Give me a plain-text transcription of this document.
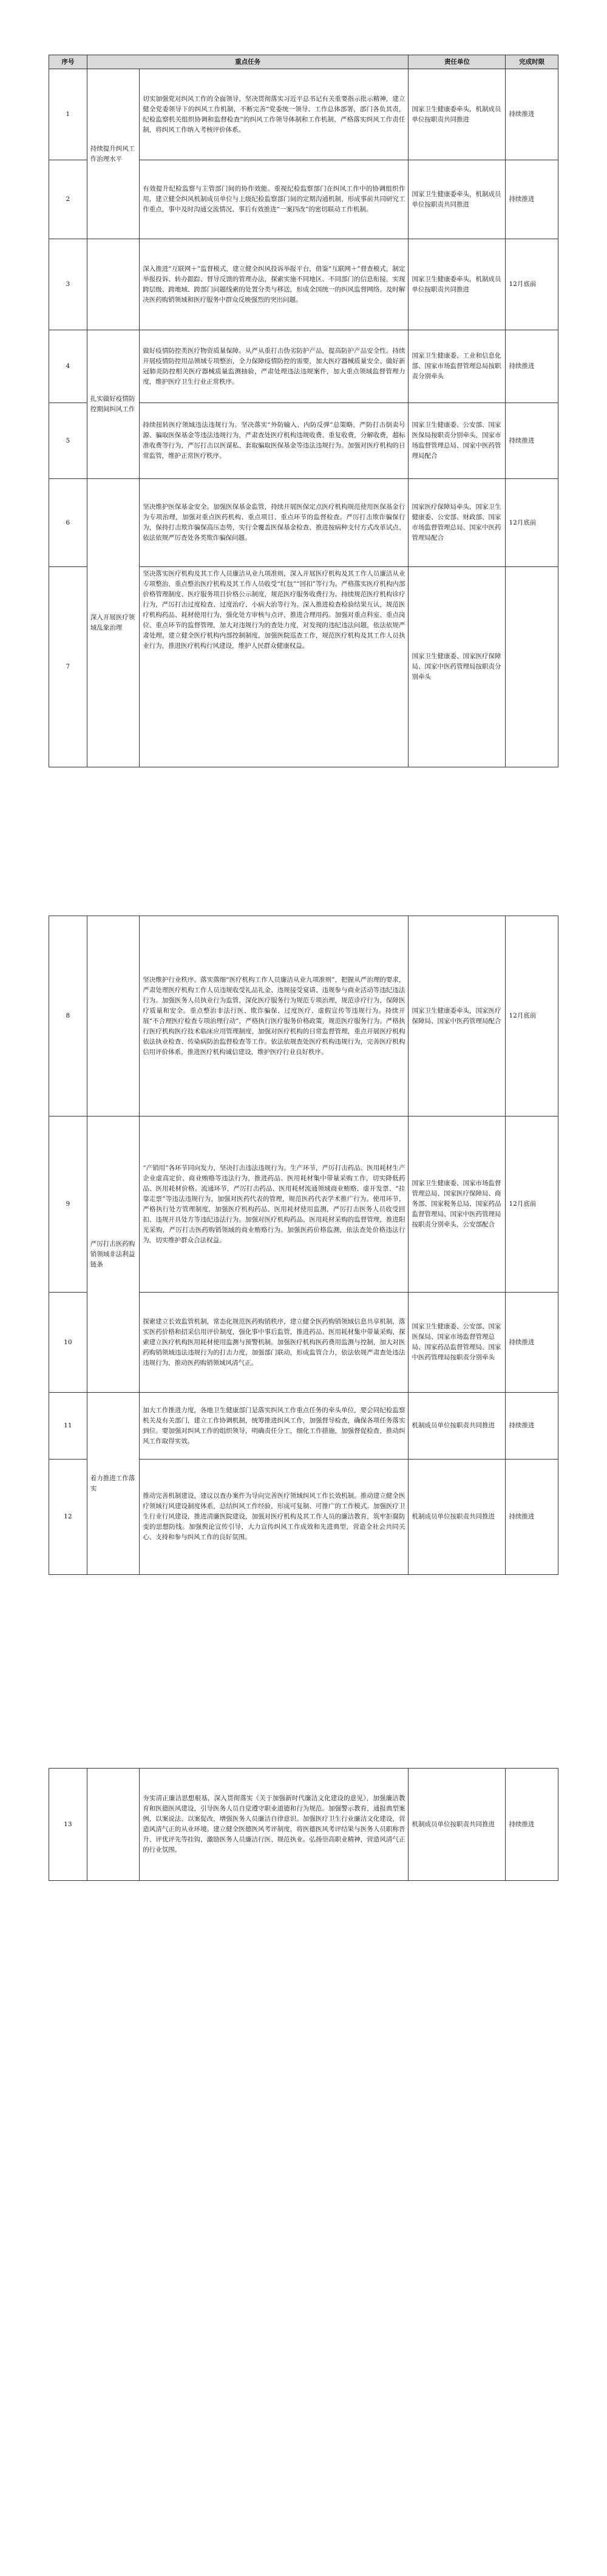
序号	重点任务		责任单位	完成时限
1	持续提升纠风工作治理水平	切实加强党对纠风工作的全面领导，坚决贯彻落实习近平总书记有关重要指示批示精神，建立健全党委领导下的纠风工作机制，不断完善“党委统一领导、工作总体部署，部门各负其责，纪检监察机关组织协调和监督检查”的纠风工作领导体制和工作机制，严格落实纠风工作责任制，将纠风工作纳入考核评价体系。	国家卫生健康委牵头，机制成员单位按职责共同推进	持续推进
2		有效提升纪检监察与主管部门间的协作效能。重视纪检监察部门在纠风工作中的协调组织作用，建立健全纠风机制成员单位与上级纪检监察部门间的定期沟通机制，形成事前共同研究工作重点，事中及时沟通交流情况、事后有效推进“一案四改”的密切联动工作机制。	国家卫生健康委牵头，机制成员单位按职责共同推进	持续推进
3		深入推进“互联网＋”监督模式，建立健全纠风投诉举报平台，借鉴“互联网＋”督查模式，制定举报投诉、转办跟踪、督导反馈的管理办法，探索实施不同地区、不同部门的信息衔接，实现跨层级、跨地域、跨部门问题线索的处置分类与移送，形成全国统一的纠风监督网络。及时解决医药购销领域和医疗服务中群众反映强烈的突出问题。	国家卫生健康委牵头，机制成员单位按职责共同推进	12月底前
4	扎实做好疫情防控期间纠风工作	做好疫情防控类医疗物资质量保障。从严从重打击伪劣防护产品，提高防护产品安全性。持续开展疫情防控用品领域专项整治，全力保障疫情防控的需要，加大医疗器械质量安全、做好新冠肺炎防控相关医疗器械质量监测抽验，严肃处理违法违规案件，加大重点领域监督管理力度，维护医疗卫生行业正常秩序。	国家卫生健康委、工业和信息化部、国家市场监督管理总局按职责分别牵头	持续推进
5		持续扭转医疗领域违法违规行为。坚决落实“外防输入、内防反弹”总策略，严防打击倒卖号源、骗取医保基金等违法违规行为，严肃查处医疗机构违规收费、重复收费，分解收费，超标准收费等行为，严厉打击以医谋私、套取骗取医保基金等违法违规行为。加强对医疗机构的日常监管，维护正常医疗秩序。	国家卫生健康委、公安部、国家医保局按职责分别牵头，国家市场监督管理总局、国家中医药管理局配合	持续推进
6	深入开展医疗领域乱象治理	坚决维护医保基金安全。加强医保基金监管，持续开展医保定点医疗机构规范使用医保基金行为专项治理，加强对重点医药机构、重点项目、重点环节的监督检查。严厉打击欺诈骗保行为，保持打击欺诈骗保高压态势，实行全覆盖医保基金检查、推进按病种支付方式改革试点、依法依规严厉查处各类欺诈骗保问题。	国家医疗保障局牵头，国家卫生健康委、公安部、财政部、国家市场监督管理总局、国家中医药管理局配合	12月底前
7		坚决落实医疗机构及其工作人员廉洁从业九项准则，深入开展医疗机构及其工作人员廉洁从业专项整治，重点整治医疗机构及其工作人员收受“红包”“回扣”等行为。严格落实医疗机构内部价格管理制度、医疗服务项目价格公示制度，规范医疗服务收费行为。持续规范医疗机构诊疗行为，严厉打击过度检查、过度治疗、小病大治等行为。深入推进检查检验结果互认，规范医疗机构药品、耗材使用行为，强化处方审核与点评，推进合理用药。加强对重点科室、重点岗位、重点环节的监督管理，加大对违规行为的查处力度，对发现的违纪违法问题，依法依规严肃处理。建立健全医疗机构内部控制制度，加强医院巡查工作，规范医疗机构及其工作人员执业行为，推进医疗机构行风建设，维护人民群众健康权益。	国家卫生健康委、国家医疗保障局、国家中医药管理局按职责分别牵头	
8		坚决维护行业秩序。落实落细“医疗机构工作人员廉洁从业九项准则”，把握从严治理的要求，严肃处理医疗机构工作人员违规收受礼品礼金、违规接受宴请、违规参与商业活动等违纪违法行为。加强医务人员执业行为监管，深化医疗服务行为规范专项治理，规范诊疗行为，保障医疗质量和安全。重点整治非法行医、欺诈骗保、过度医疗、虚假宣传等违规行为。持续开展“不合理医疗检查专项治理行动”，严格执行医疗服务价格政策，规范医疗服务行为。严格执行医疗机构医疗技术临床应用管理制度，加强对医疗机构的日常监督管理，重点开展医疗机构依法执业检查、传染病防治监督检查等工作。依法依规查处医疗机构违规行为，完善医疗机构信用评价体系，推进医疗机构诚信建设，维护医疗行业良好秩序。	国家卫生健康委牵头，国家医疗保障局、国家中医药管理局配合	12月底前
9	严厉打击医药购销领域非法利益链条	“产销用”各环节同向发力，坚决打击违法违规行为。生产环节，严厉打击药品、医用耗材生产企业虚高定价、商业贿赂等违法行为，推进药品、医用耗材集中带量采购工作，切实降低药品、医用耗材价格。流通环节，严厉打击药品、医用耗材流通领域商业贿赂、虚开发票、“挂靠走票”等违法违规行为，加强对医药代表的管理，规范医药代表学术推广行为。使用环节，严格执行处方管理制度，加强医疗机构药品、医用耗材使用监测，严厉打击医务人员收受回扣、违规开具处方等违纪违法行为。加强对医疗机构药品、医用耗材采购的监督管理，推进阳光采购，严厉打击医药购销领域的商业贿赂行为。加强医药价格监测，依法查处价格违法行为，切实维护群众合法权益。	国家卫生健康委、国家市场监督管理总局、国家医疗保障局、商务部、国家税务总局、国家药品监督管理局、国家中医药管理局按职责分别牵头，公安部配合	12月底前
10		探索建立长效监管机制，常态化规范医药购销秩序，建立健全医药购销领域信息共享机制，落实医药价格和招采信用评价制度，强化事中事后监管，推进药品、医用耗材集中带量采购，探索建立医疗机构医用耗材使用监测与预警机制。加强医疗机构医药费用监测与控制，加大对医药购销领域违法违规行为的打击力度，加强部门联动，形成监管合力，依法依规严肃查处违法违规行为，推动医药购销领域风清气正。	国家卫生健康委、公安部、国家医保局、国家市场监督管理总局、国家药品监督管理局、国家中医药管理局按职责分别牵头	持续推进
11	着力推进工作落实	加大工作推进力度，各地卫生健康部门是落实纠风工作重点任务的牵头单位，要会同纪检监察机关及有关部门，建立工作协调机制，统筹推进纠风工作，加强督导检查，确保各项任务落实到位。要加强对纠风工作的组织领导，明确责任分工，细化工作措施，加强督促检查，推动纠风工作取得实效。	机制成员单位按职责共同推进	持续推进
12		推动完善机制建设，建议以查办案件为导向完善医疗领域纠风工作长效机制。推动建立健全医疗领域行风建设制度体系，总结纠风工作经验，形成可复制、可推广的工作模式。加强医疗卫生行业行风建设，推进清廉医院建设，加强对医疗机构及其工作人员的廉洁教育，筑牢拒腐防变的思想防线。加强舆论宣传引导，大力宣传纠风工作成效和先进典型，营造全社会共同关心、支持和参与纠风工作的良好氛围。	机制成员单位按职责共同推进	持续推进
13		夯实清正廉洁思想根基，深入贯彻落实《关于加强新时代廉洁文化建设的意见》，加强廉洁教育和医德医风建设，引导医务人员自觉遵守职业道德和行为规范。加强警示教育，通报典型案例，以案说法、以案促改，增强医务人员廉洁自律意识。加强医疗卫生行业廉洁文化建设，营造风清气正的从业环境。建立健全医德医风考评制度，将医德医风考评结果与医务人员职称晋升、评优评先等挂钩，激励医务人员廉洁行医、规范执业。弘扬崇高职业精神，营造风清气正的行业氛围。	机制成员单位按职责共同推进	持续推进
